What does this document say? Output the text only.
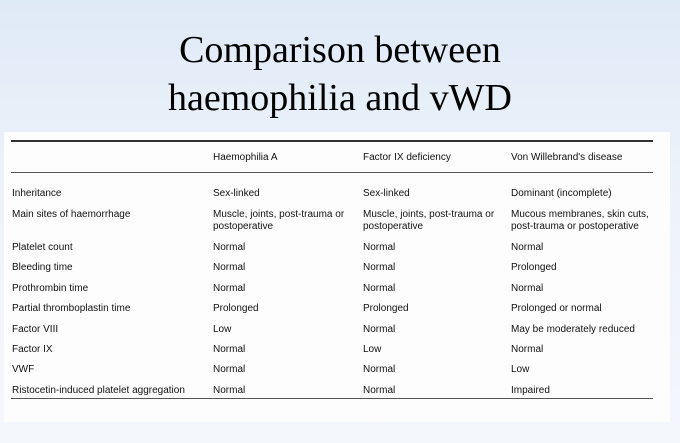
Comparison between
haemophilia and vWD
	Haemophilia A	Factor IX deficiency	Von Willebrand's disease
Inheritance	Sex-linked	Sex-linked	Dominant (incomplete)
Main sites of haemorrhage	Muscle, joints, post-trauma or postoperative	Muscle, joints, post-trauma or postoperative	Mucous membranes, skin cuts, post-trauma or postoperative
Platelet count	Normal	Normal	Normal
Bleeding time	Normal	Normal	Prolonged
Prothrombin time	Normal	Normal	Normal
Partial thromboplastin time	Prolonged	Prolonged	Prolonged or normal
Factor VIII	Low	Normal	May be moderately reduced
Factor IX	Normal	Low	Normal
VWF	Normal	Normal	Low
Ristocetin-induced platelet aggregation	Normal	Normal	Impaired
